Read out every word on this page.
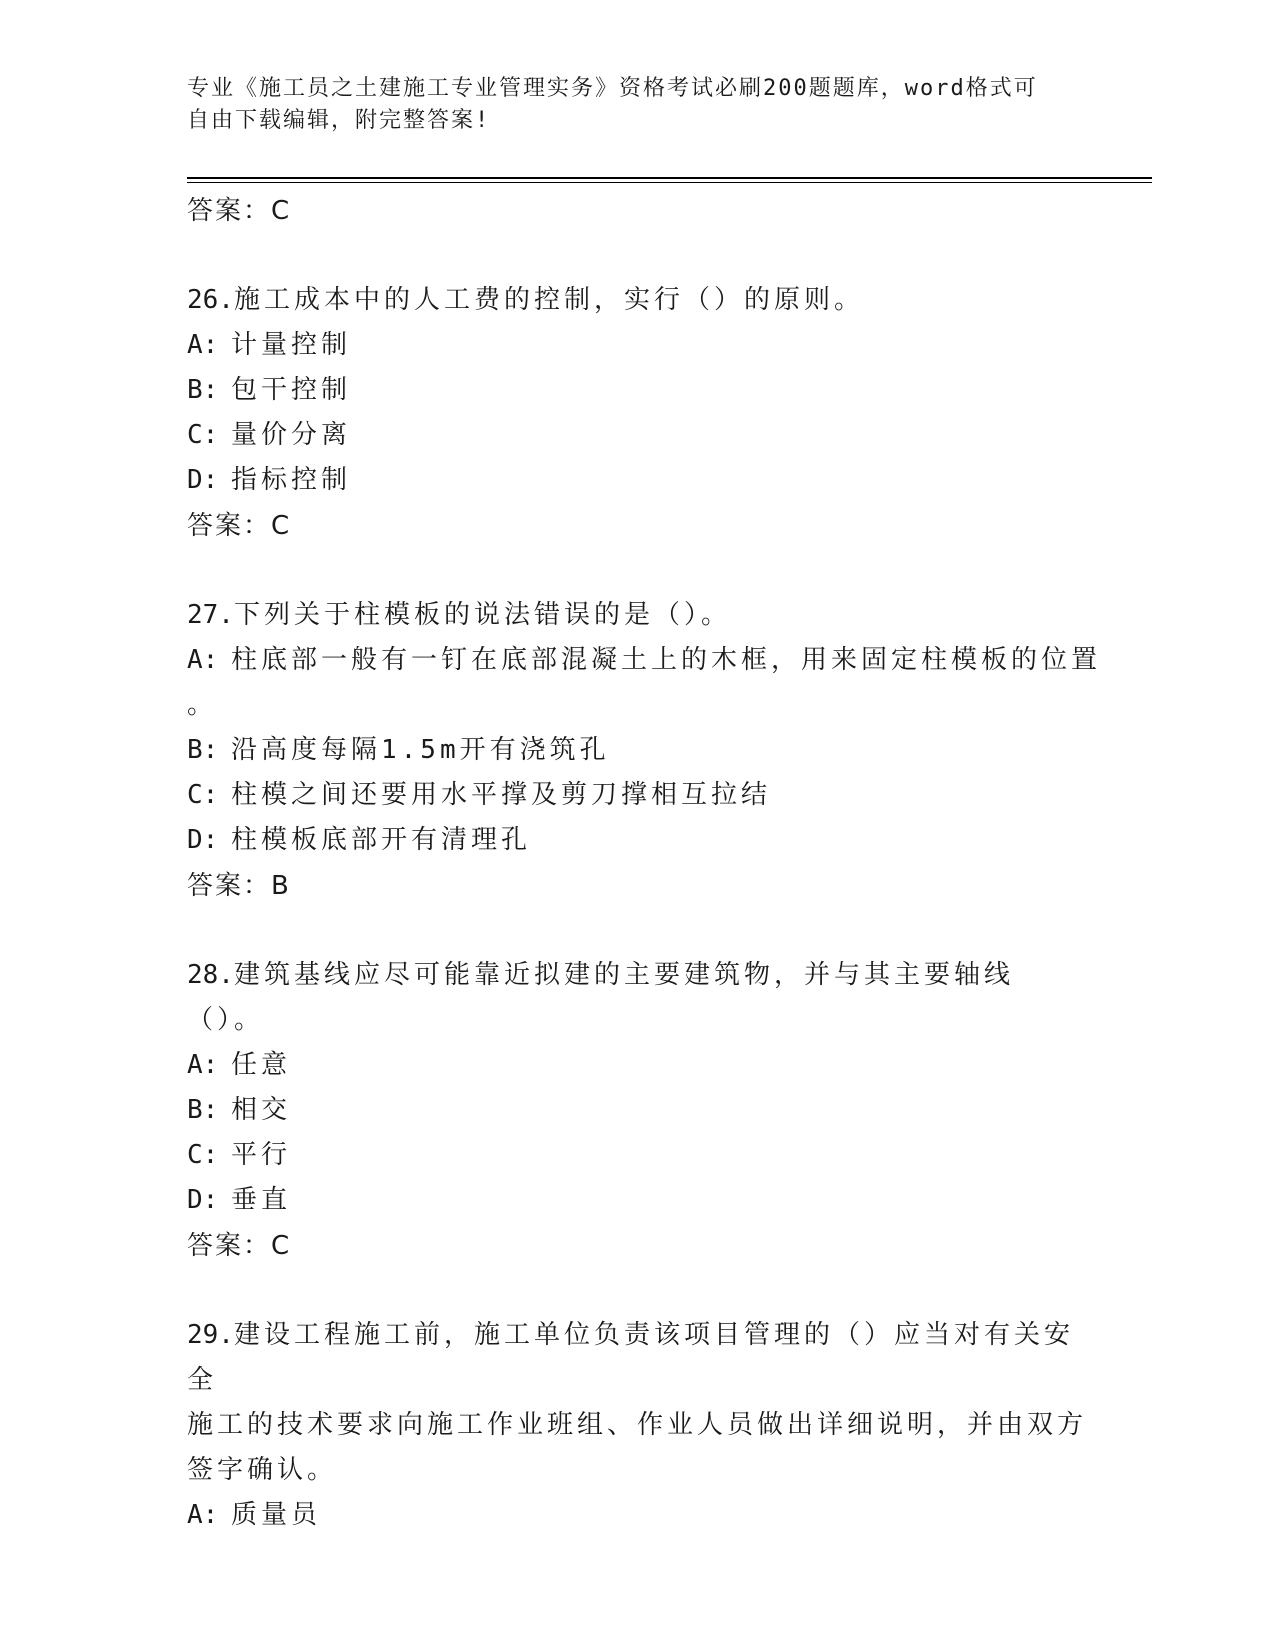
专业《施工员之土建施工专业管理实务》资格考试必刷200题题库，word格式可
自由下载编辑，附完整答案!
答案：C
26.施工成本中的人工费的控制，实行（）的原则。
A: 计量控制
B: 包干控制
C: 量价分离
D: 指标控制
答案：C
27.下列关于柱模板的说法错误的是（）。
A: 柱底部一般有一钉在底部混凝土上的木框，用来固定柱模板的位置
。
B: 沿高度每隔1.5m开有浇筑孔
C: 柱模之间还要用水平撑及剪刀撑相互拉结
D: 柱模板底部开有清理孔
答案：B
28.建筑基线应尽可能靠近拟建的主要建筑物，并与其主要轴线（）。
A: 任意
B: 相交
C: 平行
D: 垂直
答案：C
29.建设工程施工前，施工单位负责该项目管理的（）应当对有关安全
施工的技术要求向施工作业班组、作业人员做出详细说明，并由双方
签字确认。
A: 质量员
